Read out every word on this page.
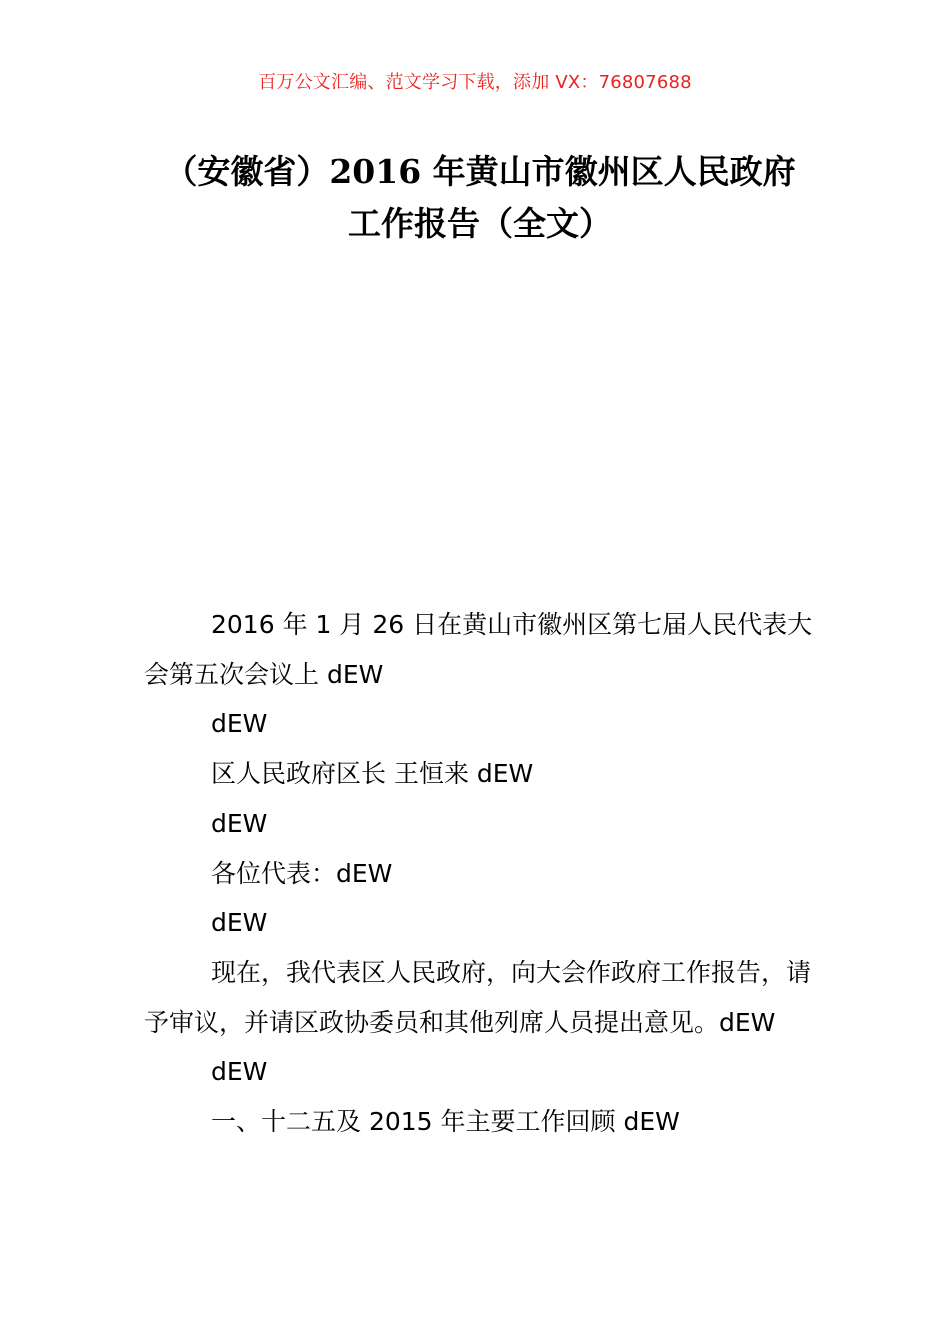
百万公文汇编、范文学习下载，添加 VX：76807688
（安徽省）2016 年黄山市徽州区人民政府
工作报告（全文）

2016 年 1 月 26 日在黄山市徽州区第七届人民代表大会第五次会议上 dEW

dEW

区人民政府区长 王恒来 dEW

dEW

各位代表：dEW

dEW

现在，我代表区人民政府，向大会作政府工作报告，请予审议，并请区政协委员和其他列席人员提出意见。dEW

dEW

一、十二五及 2015 年主要工作回顾 dEW
